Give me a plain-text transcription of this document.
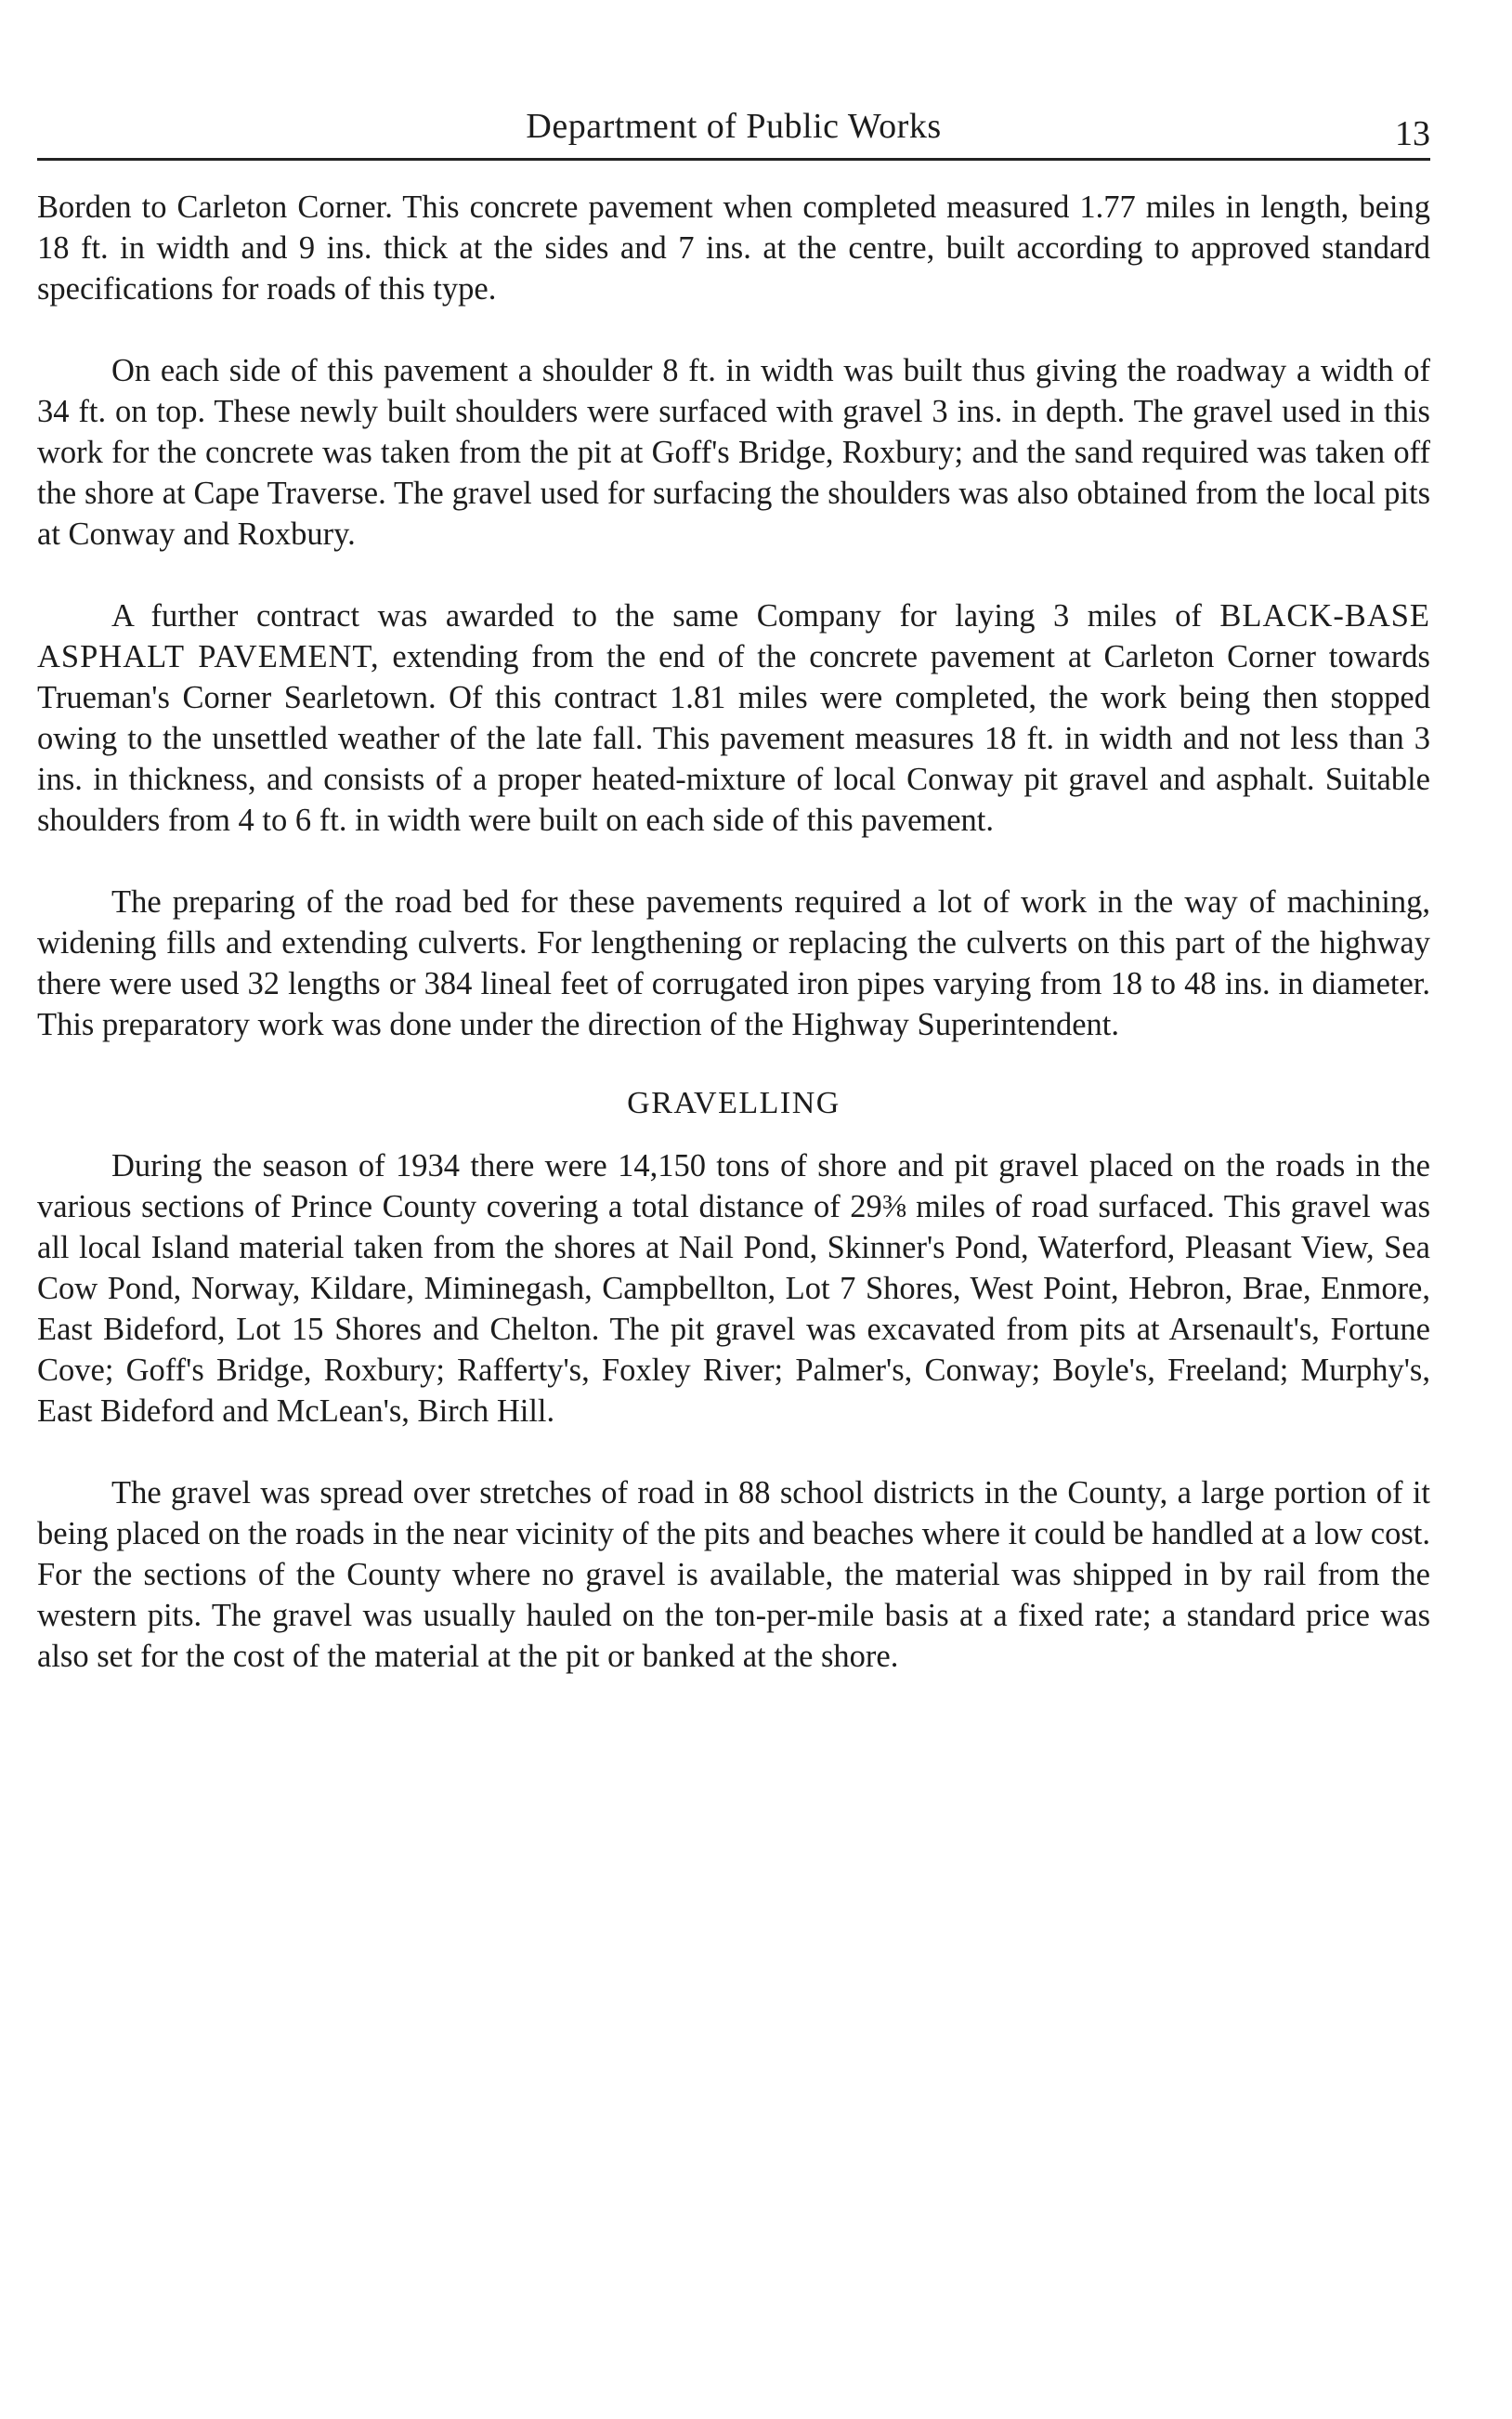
Department of Public Works	13

Borden to Carleton Corner. This concrete pavement when completed measured 1.77 miles in length, being 18 ft. in width and 9 ins. thick at the sides and 7 ins. at the centre, built according to approved standard specifications for roads of this type.

On each side of this pavement a shoulder 8 ft. in width was built thus giving the roadway a width of 34 ft. on top. These newly built shoulders were surfaced with gravel 3 ins. in depth. The gravel used in this work for the concrete was taken from the pit at Goff's Bridge, Roxbury; and the sand required was taken off the shore at Cape Traverse. The gravel used for surfacing the shoulders was also obtained from the local pits at Conway and Roxbury.

A further contract was awarded to the same Company for laying 3 miles of BLACK-BASE ASPHALT PAVEMENT, extending from the end of the concrete pavement at Carleton Corner towards Trueman's Corner Searletown. Of this contract 1.81 miles were completed, the work being then stopped owing to the unsettled weather of the late fall. This pavement measures 18 ft. in width and not less than 3 ins. in thickness, and consists of a proper heated-mixture of local Conway pit gravel and asphalt. Suitable shoulders from 4 to 6 ft. in width were built on each side of this pavement.

The preparing of the road bed for these pavements required a lot of work in the way of machining, widening fills and extending culverts. For lengthening or replacing the culverts on this part of the highway there were used 32 lengths or 384 lineal feet of corrugated iron pipes varying from 18 to 48 ins. in diameter. This preparatory work was done under the direction of the Highway Superintendent.

GRAVELLING

During the season of 1934 there were 14,150 tons of shore and pit gravel placed on the roads in the various sections of Prince County covering a total distance of 29⅜ miles of road surfaced. This gravel was all local Island material taken from the shores at Nail Pond, Skinner's Pond, Waterford, Pleasant View, Sea Cow Pond, Norway, Kildare, Miminegash, Campbellton, Lot 7 Shores, West Point, Hebron, Brae, Enmore, East Bideford, Lot 15 Shores and Chelton. The pit gravel was excavated from pits at Arsenault's, Fortune Cove; Goff's Bridge, Roxbury; Rafferty's, Foxley River; Palmer's, Conway; Boyle's, Freeland; Murphy's, East Bideford and McLean's, Birch Hill.

The gravel was spread over stretches of road in 88 school districts in the County, a large portion of it being placed on the roads in the near vicinity of the pits and beaches where it could be handled at a low cost. For the sections of the County where no gravel is available, the material was shipped in by rail from the western pits. The gravel was usually hauled on the ton-per-mile basis at a fixed rate; a standard price was also set for the cost of the material at the pit or banked at the shore.
